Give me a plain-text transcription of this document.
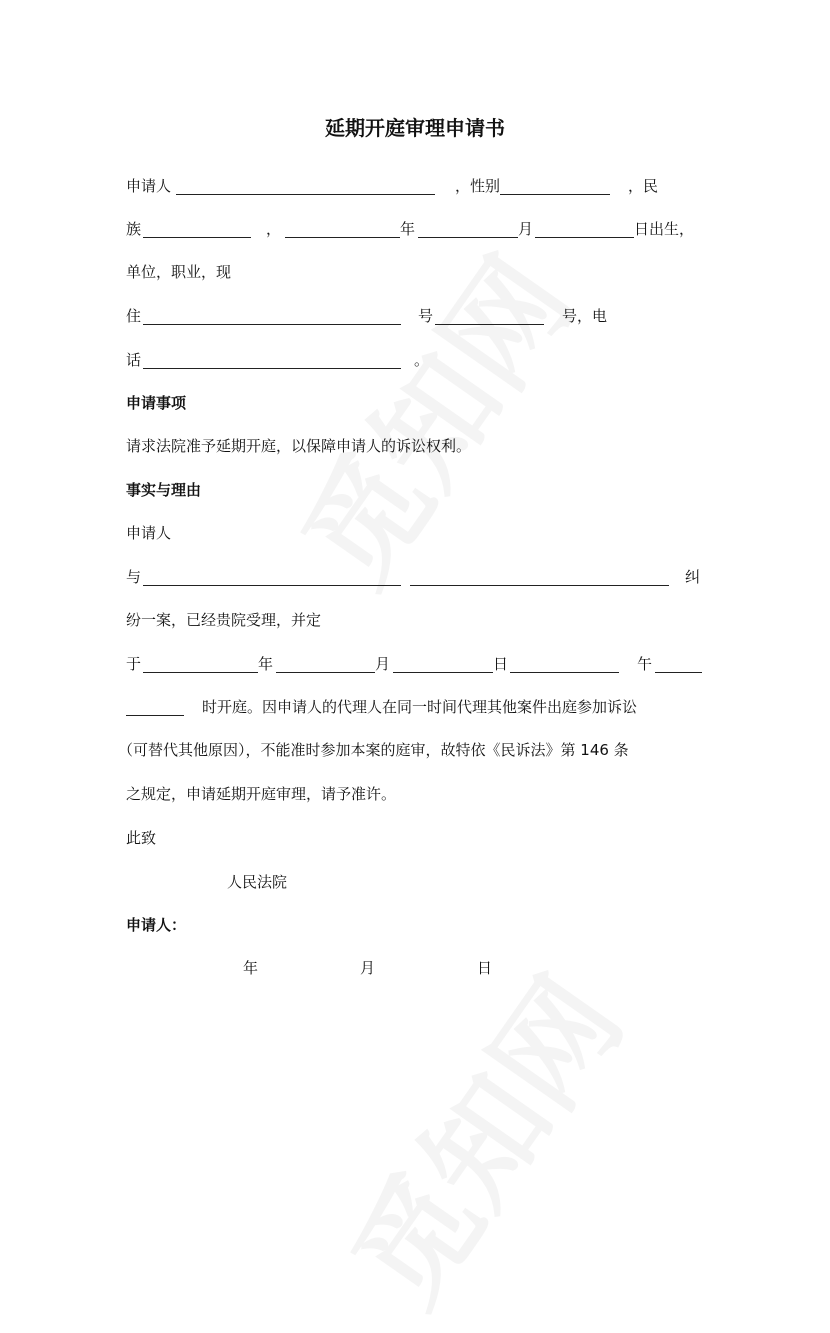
延期开庭审理申请书
申请人	，性别	，民
族	，	年	月	日出生，
单位，职业，现
住	号	号，电
话	。
申请事项
请求法院准予延期开庭，以保障申请人的诉讼权利。
事实与理由
申请人
与	纠
纷一案，已经贵院受理，并定
于	年	月	日	午
时开庭。因申请人的代理人在同一时间代理其他案件出庭参加诉讼
（可替代其他原因），不能准时参加本案的庭审，故特依《民诉法》第 146 条
之规定，申请延期开庭审理，请予准许。
此致
人民法院
申请人：
年	月	日
